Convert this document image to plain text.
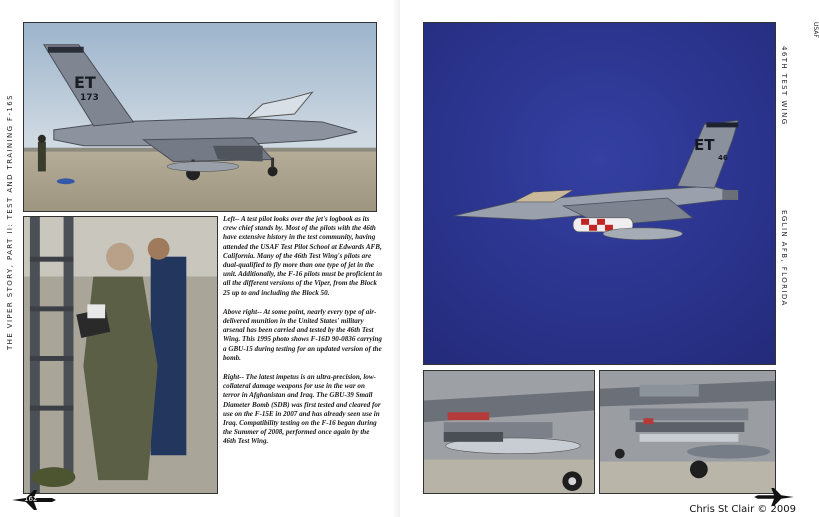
THE VIPER STORY, PART II: TEST AND TRAINING F-16S
ET
173

Left-- A test pilot looks over the jet's logbook as its crew chief stands by. Most of the pilots with the 46th have extensive history in the test community, having attended the USAF Test Pilot School at Edwards AFB, California. Many of the 46th Test Wing's pilots are dual-qualified to fly more than one type of jet in the unit. Additionally, the F-16 pilots must be proficient in all the different versions of the Viper, from the Block 25 up to and including the Block 50.

Above right-- At some point, nearly every type of air-delivered munition in the United States' military arsenal has been carried and tested by the 46th Test Wing. This 1995 photo shows F-16D 90-0836 carrying a GBU-15 during testing for an updated version of the bomb.

Right-- The latest impetus is an ultra-precision, low-collateral damage weapons for use in the war on terror in Afghanistan and Iraq. The GBU-39 Small Diameter Bomb (SDB) was first tested and cleared for use on the F-15E in 2007 and has already seen use in Iraq. Compatibility testing on the F-16 began during the Summer of 2008, performed once again by the 46th Test Wing.

162
USAF
ET
46
46TH TEST WING
EGLIN AFB, FLORIDA
Chris St Clair © 2009
